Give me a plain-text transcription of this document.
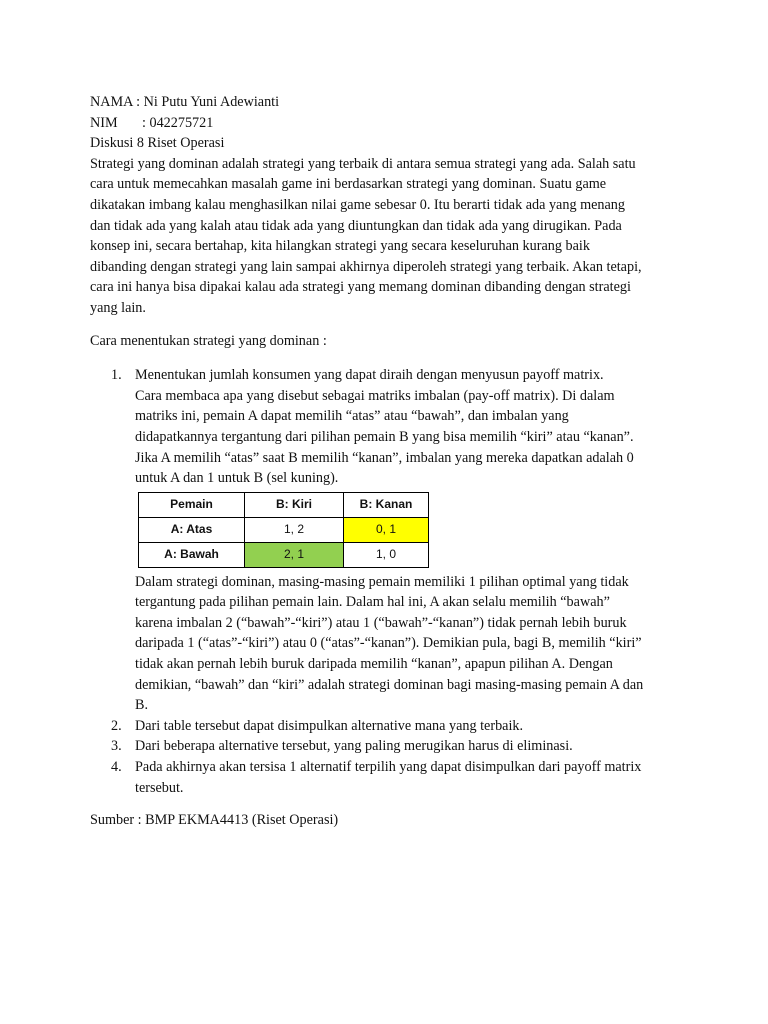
NAMA : Ni Putu Yuni Adewianti

NIM : 042275721

Diskusi 8 Riset Operasi

Strategi yang dominan adalah strategi yang terbaik di antara semua strategi yang ada. Salah satu
cara untuk memecahkan masalah game ini berdasarkan strategi yang dominan. Suatu game
dikatakan imbang kalau menghasilkan nilai game sebesar 0. Itu berarti tidak ada yang menang
dan tidak ada yang kalah atau tidak ada yang diuntungkan dan tidak ada yang dirugikan. Pada
konsep ini, secara bertahap, kita hilangkan strategi yang secara keseluruhan kurang baik
dibanding dengan strategi yang lain sampai akhirnya diperoleh strategi yang terbaik. Akan tetapi,
cara ini hanya bisa dipakai kalau ada strategi yang memang dominan dibanding dengan strategi
yang lain.

Cara menentukan strategi yang dominan :

1. Menentukan jumlah konsumen yang dapat diraih dengan menyusun payoff matrix.
Cara membaca apa yang disebut sebagai matriks imbalan (pay-off matrix). Di dalam
matriks ini, pemain A dapat memilih “atas” atau “bawah”, dan imbalan yang
didapatkannya tergantung dari pilihan pemain B yang bisa memilih “kiri” atau “kanan”.
Jika A memilih “atas” saat B memilih “kanan”, imbalan yang mereka dapatkan adalah 0
untuk A dan 1 untuk B (sel kuning).
Pemain	B: Kiri	B: Kanan
A: Atas	1, 2	0, 1
A: Bawah	2, 1	1, 0
Dalam strategi dominan, masing-masing pemain memiliki 1 pilihan optimal yang tidak
tergantung pada pilihan pemain lain. Dalam hal ini, A akan selalu memilih “bawah”
karena imbalan 2 (“bawah”-“kiri”) atau 1 (“bawah”-“kanan”) tidak pernah lebih buruk
daripada 1 (“atas”-“kiri”) atau 0 (“atas”-“kanan”). Demikian pula, bagi B, memilih “kiri”
tidak akan pernah lebih buruk daripada memilih “kanan”, apapun pilihan A. Dengan
demikian, “bawah” dan “kiri” adalah strategi dominan bagi masing-masing pemain A dan
B.
2. Dari table tersebut dapat disimpulkan alternative mana yang terbaik.
3. Dari beberapa alternative tersebut, yang paling merugikan harus di eliminasi.
4. Pada akhirnya akan tersisa 1 alternatif terpilih yang dapat disimpulkan dari payoff matrix
tersebut.

Sumber : BMP EKMA4413 (Riset Operasi)
